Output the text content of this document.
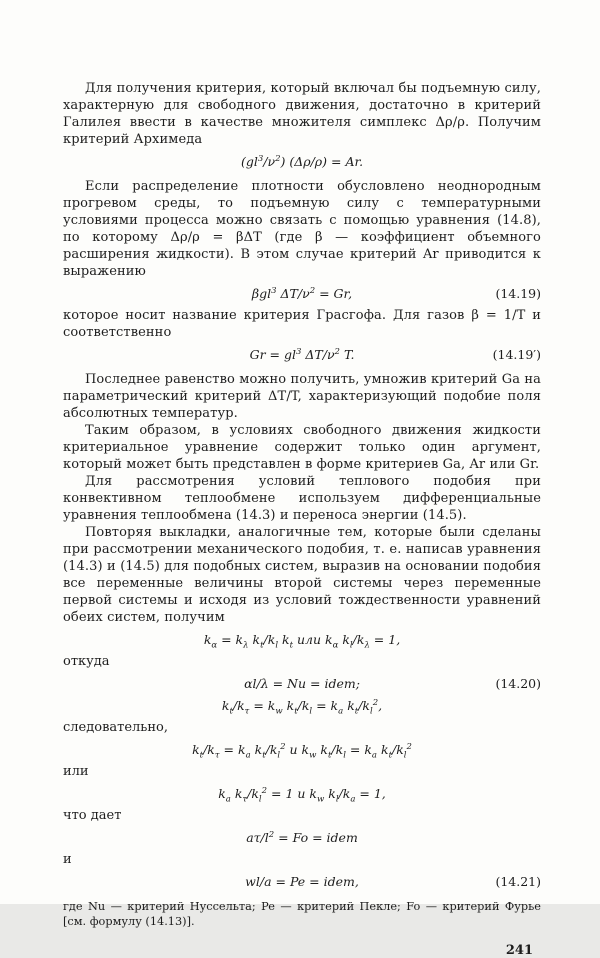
Для получения критерия, который включал бы подъемную силу, характерную для свободного движения, достаточно в критерий Галилея ввести в качестве множителя симплекс Δρ/ρ. Получим критерий Архимеда

$(gl^3/\nu^2) (\Delta\rho/\rho) = Ar$.

Если распределение плотности обусловлено неоднородным прогревом среды, то подъемную силу с температурными условиями процесса можно связать с помощью уравнения (14.8), по которому Δρ/ρ = βΔT (где β — коэффициент объемного расширения жидкости). В этом случае критерий Ar приводится к выражению

βgl$^3$ $\Delta T/\nu^2 = Gr$,	(14.19)

которое носит название критерия Грасгофа. Для газов β = 1/T и соответственно

$Gr = gl^3$ $\Delta T/\nu^2$ T.	(14.19′)

Последнее равенство можно получить, умножив критерий Ga на параметрический критерий ΔT/T, характеризующий подобие поля абсолютных температур.

Таким образом, в условиях свободного движения жидкости критериальное уравнение содержит только один аргумент, который может быть представлен в форме критериев Ga, Ar или Gr.

Для рассмотрения условий теплового подобия при конвективном теплообмене используем дифференциальные уравнения теплообмена (14.3) и переноса энергии (14.5).

Повторяя выкладки, аналогичные тем, которые были сделаны при рассмотрении механического подобия, т. е. написав уравнения (14.3) и (14.5) для подобных систем, выразив на основании подобия все переменные величины второй системы через переменные первой системы и исходя из условий тождественности уравнений обеих систем, получим

$k_\alpha = k_\lambda$ $k_t/k_l$ $k_t$ или $k_\alpha$ $k_l/k_\lambda = 1$,

откуда

αl/λ = Nu = idem;	(14.20)
$k_t/k_\tau = k_w$ $k_t/k_l = k_a$ $k_t/k_l^2$,

следовательно,

$k_t/k_\tau = k_a$ $k_t/k_l^2$ и $k_w$ $k_t/k_l = k_a$ $k_t/k_l^2$

или

$k_a$ $k_\tau/k_l^2 = 1$ и $k_w$ $k_l/k_a = 1$,

что дает

$a\tau/l^2 = Fo$ = idem

и

wl/a = Pe = idem,	(14.21)

где Nu — критерий Нуссельта; Pe — критерий Пекле; Fo — критерий Фурье [см. формулу (14.13)].

241
